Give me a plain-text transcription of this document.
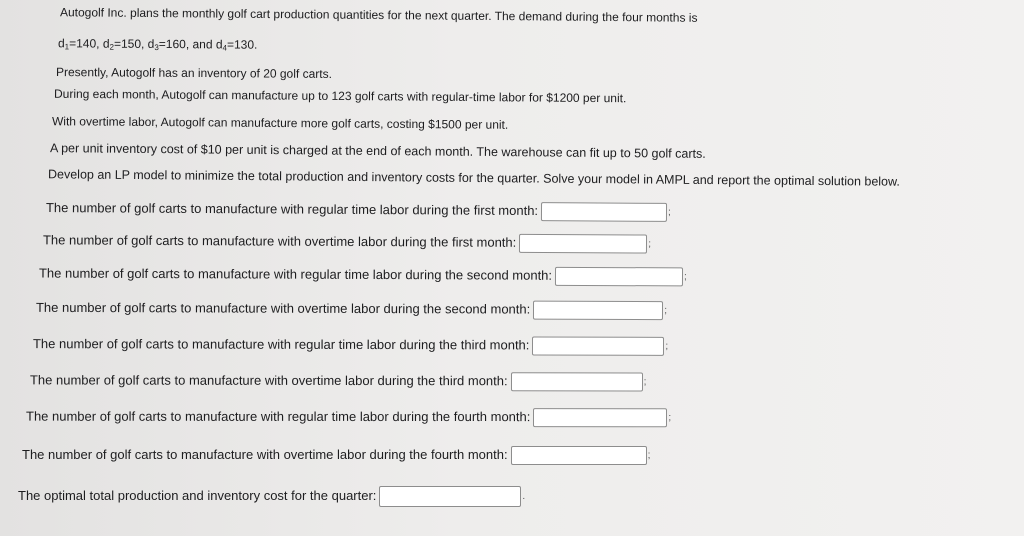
Autogolf Inc. plans the monthly golf cart production quantities for the next quarter. The demand during the four months is
$d_1=140$, $d_2=150$, $d_3=160$, and $d_4=130$.
Presently, Autogolf has an inventory of 20 golf carts.
During each month, Autogolf can manufacture up to 123 golf carts with regular-time labor for $1200 per unit.
With overtime labor, Autogolf can manufacture more golf carts, costing $1500 per unit.
A per unit inventory cost of $10 per unit is charged at the end of each month. The warehouse can fit up to 50 golf carts.
Develop an LP model to minimize the total production and inventory costs for the quarter. Solve your model in AMPL and report the optimal solution below.
The number of golf carts to manufacture with regular time labor during the first month:	;
The number of golf carts to manufacture with overtime labor during the first month:	;
The number of golf carts to manufacture with regular time labor during the second month:	;
The number of golf carts to manufacture with overtime labor during the second month:	;
The number of golf carts to manufacture with regular time labor during the third month:	;
The number of golf carts to manufacture with overtime labor during the third month:	;
The number of golf carts to manufacture with regular time labor during the fourth month:	;
The number of golf carts to manufacture with overtime labor during the fourth month:	;
The optimal total production and inventory cost for the quarter:	.
